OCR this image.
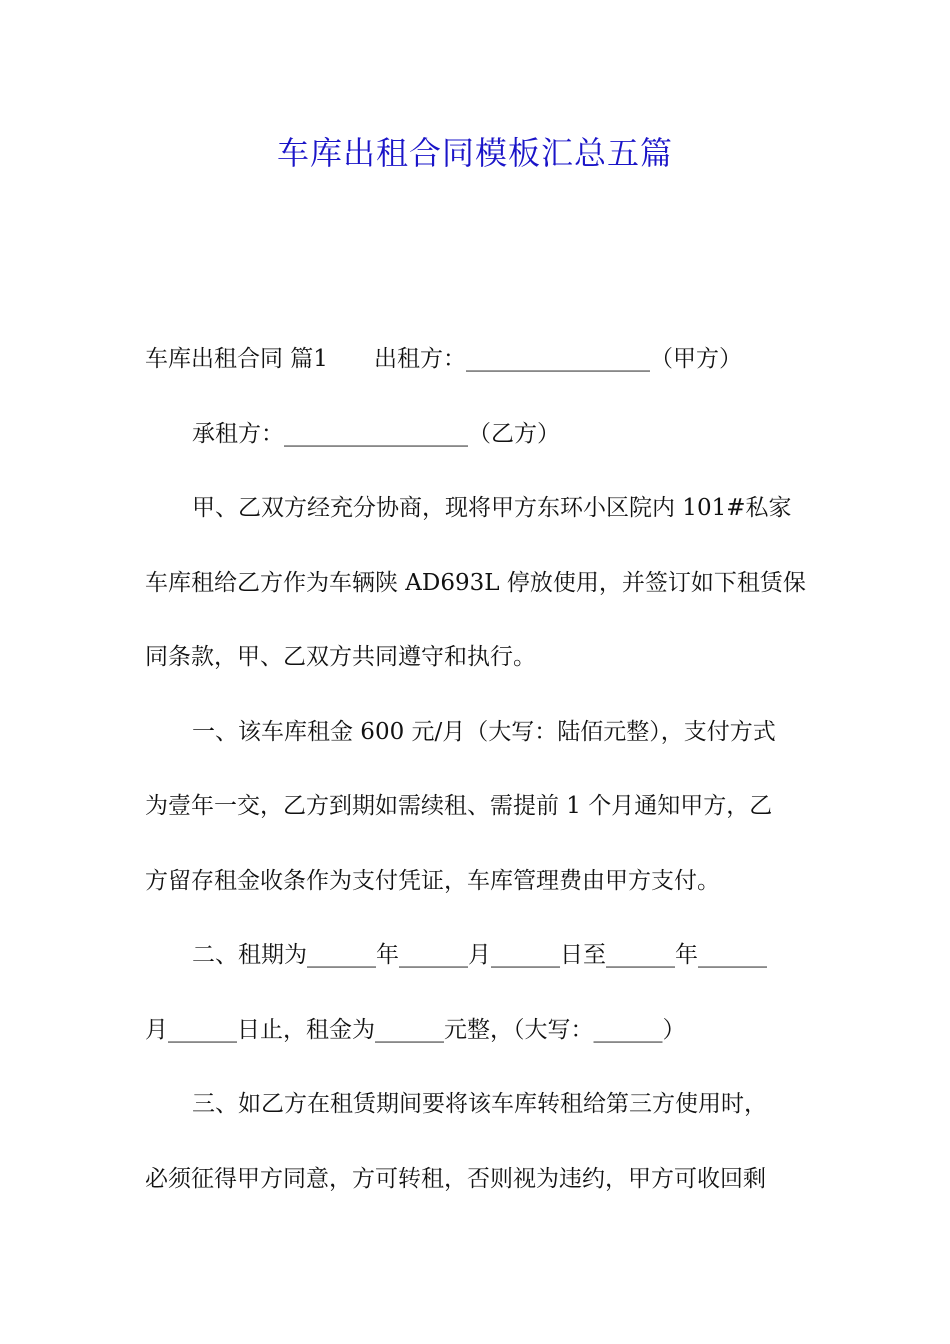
车库出租合同模板汇总五篇
车库出租合同 篇1 出租方：________________（甲方）
承租方：________________（乙方）
甲、乙双方经充分协商，现将甲方东环小区院内 101#私家
车库租给乙方作为车辆陕 AD693L 停放使用，并签订如下租赁保
同条款，甲、乙双方共同遵守和执行。
一、该车库租金 600 元/月（大写：陆佰元整），支付方式
为壹年一交，乙方到期如需续租、需提前 1 个月通知甲方，乙
方留存租金收条作为支付凭证，车库管理费由甲方支付。
二、租期为______年______月______日至______年______
月______日止，租金为______元整，（大写：______）
三、如乙方在租赁期间要将该车库转租给第三方使用时，
必须征得甲方同意，方可转租，否则视为违约，甲方可收回剩
